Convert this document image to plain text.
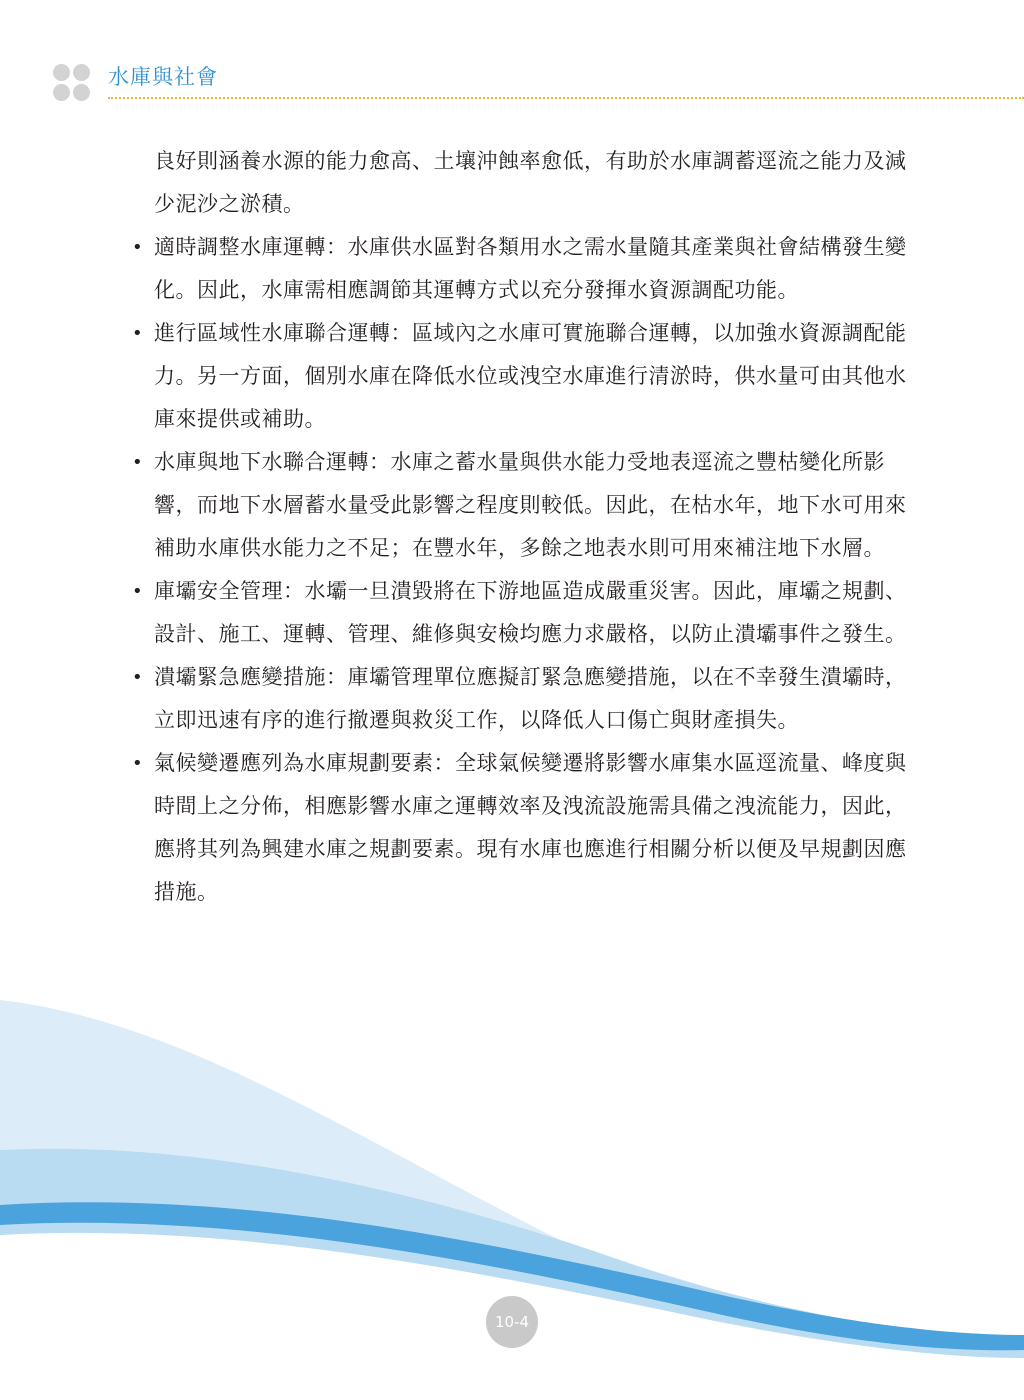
水庫與社會

良好則涵養水源的能力愈高、土壤沖蝕率愈低，有助於水庫調蓄逕流之能力及減少泥沙之淤積。

• 適時調整水庫運轉：水庫供水區對各類用水之需水量隨其產業與社會結構發生變化。因此，水庫需相應調節其運轉方式以充分發揮水資源調配功能。

• 進行區域性水庫聯合運轉：區域內之水庫可實施聯合運轉，以加強水資源調配能力。另一方面，個別水庫在降低水位或洩空水庫進行清淤時，供水量可由其他水庫來提供或補助。

• 水庫與地下水聯合運轉：水庫之蓄水量與供水能力受地表逕流之豐枯變化所影響，而地下水層蓄水量受此影響之程度則較低。因此，在枯水年，地下水可用來補助水庫供水能力之不足；在豐水年，多餘之地表水則可用來補注地下水層。

• 庫壩安全管理：水壩一旦潰毀將在下游地區造成嚴重災害。因此，庫壩之規劃、設計、施工、運轉、管理、維修與安檢均應力求嚴格，以防止潰壩事件之發生。

• 潰壩緊急應變措施：庫壩管理單位應擬訂緊急應變措施，以在不幸發生潰壩時，立即迅速有序的進行撤遷與救災工作，以降低人口傷亡與財產損失。

• 氣候變遷應列為水庫規劃要素：全球氣候變遷將影響水庫集水區逕流量、峰度與時間上之分佈，相應影響水庫之運轉效率及洩流設施需具備之洩流能力，因此，應將其列為興建水庫之規劃要素。現有水庫也應進行相關分析以便及早規劃因應措施。

10-4
